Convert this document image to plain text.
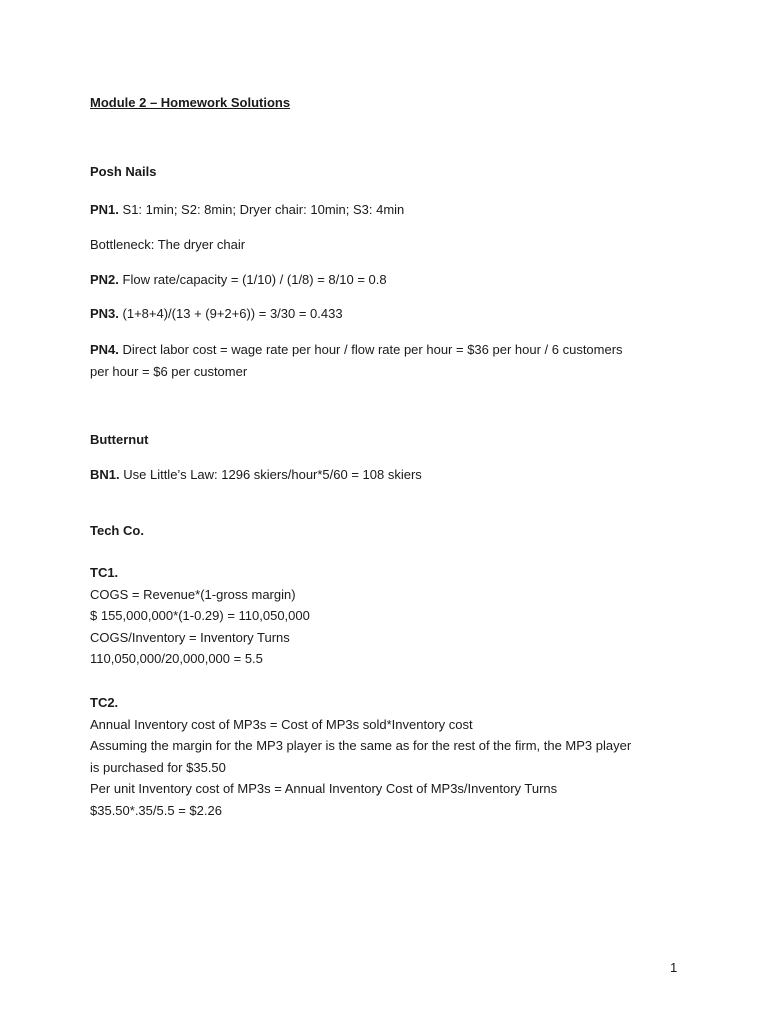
Module 2 – Homework Solutions
Posh Nails
PN1. S1: 1min; S2: 8min; Dryer chair: 10min; S3: 4min
Bottleneck: The dryer chair
PN2. Flow rate/capacity = (1/10) / (1/8) = 8/10 = 0.8
PN3. (1+8+4)/(13 + (9+2+6)) = 3/30 = 0.433
PN4. Direct labor cost = wage rate per hour / flow rate per hour = $36 per hour / 6 customers
per hour = $6 per customer
Butternut
BN1. Use Little’s Law: 1296 skiers/hour*5/60 = 108 skiers
Tech Co.
TC1.
COGS = Revenue*(1-gross margin)
$ 155,000,000*(1-0.29) = 110,050,000
COGS/Inventory = Inventory Turns
110,050,000/20,000,000 = 5.5
TC2.
Annual Inventory cost of MP3s = Cost of MP3s sold*Inventory cost
Assuming the margin for the MP3 player is the same as for the rest of the firm, the MP3 player
is purchased for $35.50
Per unit Inventory cost of MP3s = Annual Inventory Cost of MP3s/Inventory Turns
$35.50*.35/5.5 = $2.26
1
